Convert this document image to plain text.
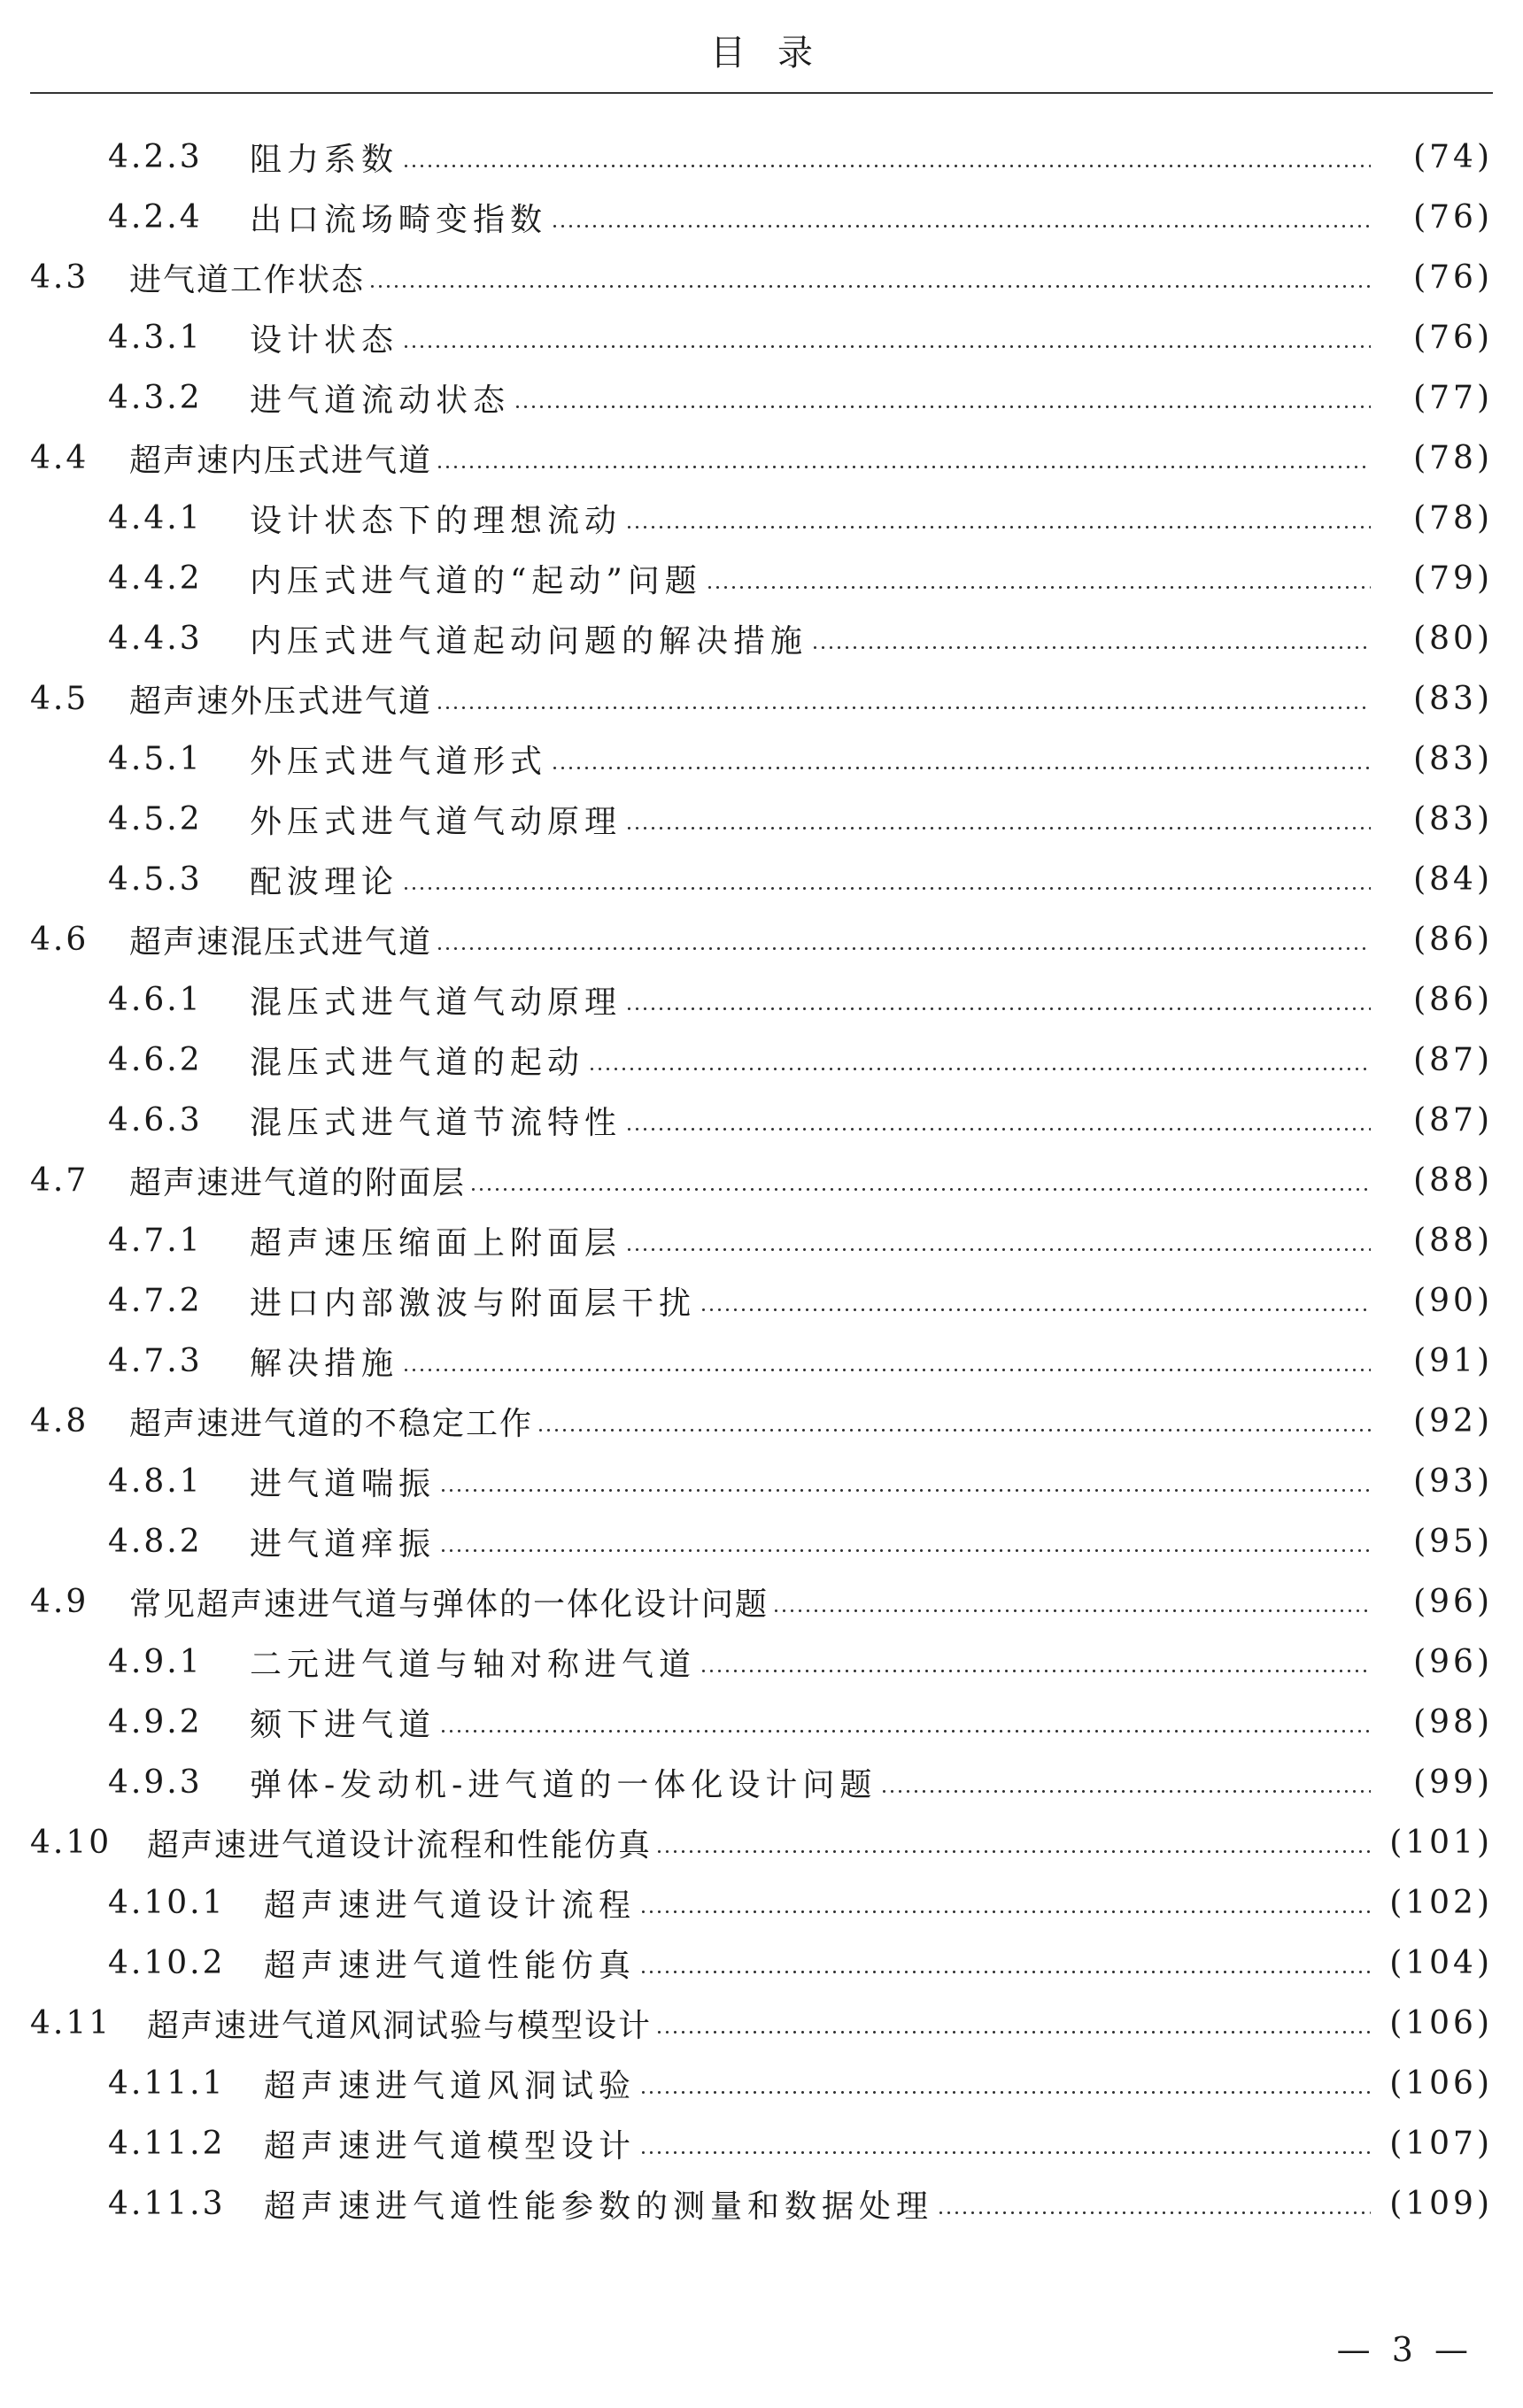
目录
4.2.3	阻力系数	(74)
4.2.4	出口流场畸变指数	(76)
4.3	进气道工作状态	(76)
4.3.1	设计状态	(76)
4.3.2	进气道流动状态	(77)
4.4	超声速内压式进气道	(78)
4.4.1	设计状态下的理想流动	(78)
4.4.2	内压式进气道的“起动”问题	(79)
4.4.3	内压式进气道起动问题的解决措施	(80)
4.5	超声速外压式进气道	(83)
4.5.1	外压式进气道形式	(83)
4.5.2	外压式进气道气动原理	(83)
4.5.3	配波理论	(84)
4.6	超声速混压式进气道	(86)
4.6.1	混压式进气道气动原理	(86)
4.6.2	混压式进气道的起动	(87)
4.6.3	混压式进气道节流特性	(87)
4.7	超声速进气道的附面层	(88)
4.7.1	超声速压缩面上附面层	(88)
4.7.2	进口内部激波与附面层干扰	(90)
4.7.3	解决措施	(91)
4.8	超声速进气道的不稳定工作	(92)
4.8.1	进气道喘振	(93)
4.8.2	进气道痒振	(95)
4.9	常见超声速进气道与弹体的一体化设计问题	(96)
4.9.1	二元进气道与轴对称进气道	(96)
4.9.2	颏下进气道	(98)
4.9.3	弹体-发动机-进气道的一体化设计问题	(99)
4.10	超声速进气道设计流程和性能仿真	(101)
4.10.1	超声速进气道设计流程	(102)
4.10.2	超声速进气道性能仿真	(104)
4.11	超声速进气道风洞试验与模型设计	(106)
4.11.1	超声速进气道风洞试验	(106)
4.11.2	超声速进气道模型设计	(107)
4.11.3	超声速进气道性能参数的测量和数据处理	(109)
— 3 —
